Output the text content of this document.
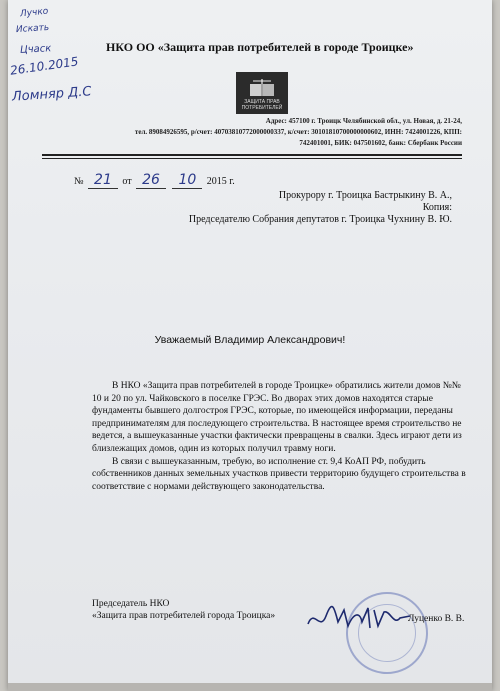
Лучко
Искать
Цчаск
26.10.2015
Ломняр Д.С
НКО ОО «Защита прав потребителей в городе Троицке»
ЗАЩИТА ПРАВ ПОТРЕБИТЕЛЕЙ
Адрес: 457100 г. Троицк Челябинской обл., ул. Новая, д. 21-24,
тел. 89084926595, р/счет: 40703810772000000337, к/счет: 30101810700000000602, ИНН: 7424001226, КПП:
742401001, БИК: 047501602, банк: Сбербанк России
№ 21 от 26 10 2015 г.
Прокурору г. Троицка Бастрыкину В. А.,
Копия:
Председателю Собрания депутатов г. Троицка Чухнину В. Ю.
Уважаемый Владимир Александрович!

В НКО «Защита прав потребителей в городе Троицке» обратились жители домов №№ 10 и 20 по ул. Чайковского в поселке ГРЭС. Во дворах этих домов находятся старые фундаменты бывшего долгостроя ГРЭС, которые, по имеющейся информации, переданы предпринимателям для последующего строительства. В настоящее время строительство не ведется, а вышеуказанные участки фактически превращены в свалки. Здесь играют дети из близлежащих домов, один из которых получил травму ноги.

В связи с вышеуказанным, требую, во исполнение ст. 9,4 КоАП РФ, побудить собственников данных земельных участков привести территорию будущего строительства в соответствие с нормами действующего законодательства.

Председатель НКО
«Защита прав потребителей города Троицка»	Луценко В. В.
